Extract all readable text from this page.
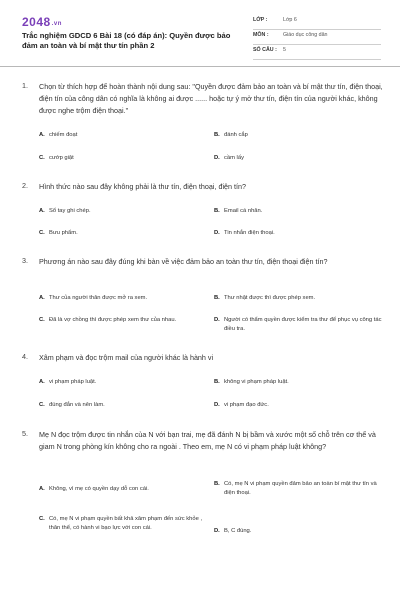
2048.vn
Trắc nghiệm GDCD 6 Bài 18 (có đáp án): Quyền được bảo đảm an toàn và bí mật thư tín phần 2
LỚP :	Lớp 6
MÔN :	Giáo dục công dân
SỐ CÂU : 5
1. Chọn từ thích hợp để hoàn thành nội dung sau: "Quyền được đảm bảo an toàn và bí mật thư tín, điện thoại, điện tín của công dân có nghĩa là không ai được ...... hoặc tự ý mở thư tín, điện tín của người khác, không được nghe trộm điện thoại."
A. chiếm đoạt	B. đánh cắp
C. cướp giật	D. cầm lấy
2. Hình thức nào sau đây không phải là thư tín, điện thoại, điện tín?
A. Sổ tay ghi chép.	B. Email cá nhân.
C. Bưu phẩm.	D. Tin nhắn điện thoại.
3. Phương án nào sau đây đúng khi bàn về việc đảm bảo an toàn thư tín, điện thoại điện tín?
A. Thư của người thân được mở ra xem.	B. Thư nhặt được thì được phép xem.
C. Đã là vợ chồng thì được phép xem thư của nhau.	D. Người có thẩm quyền được kiểm tra thư để phục vụ công tác điều tra.
4. Xâm phạm và đọc trộm mail của người khác là hành vi
A. vi phạm pháp luật.	B. không vi phạm pháp luật.
C. đúng đắn và nên làm.	D. vi phạm đạo đức.
5. Mẹ N đọc trộm được tin nhắn của N với bạn trai, mẹ đã đánh N bị bầm và xước một số chỗ trên cơ thể và giam N trong phòng kín không cho ra ngoài . Theo em, mẹ N có vi phạm pháp luật không?
A. Không, vì mẹ có quyền dạy dỗ con cái.
B. Có, mẹ N vi phạm quyền đảm bảo an toàn bí mật thư tín và điện thoại.
C. Có, mẹ N vi phạm quyền bất khả xâm phạm đến sức khỏe , thân thể, có hành vi bạo lực với con cái.	D. B, C đúng.
